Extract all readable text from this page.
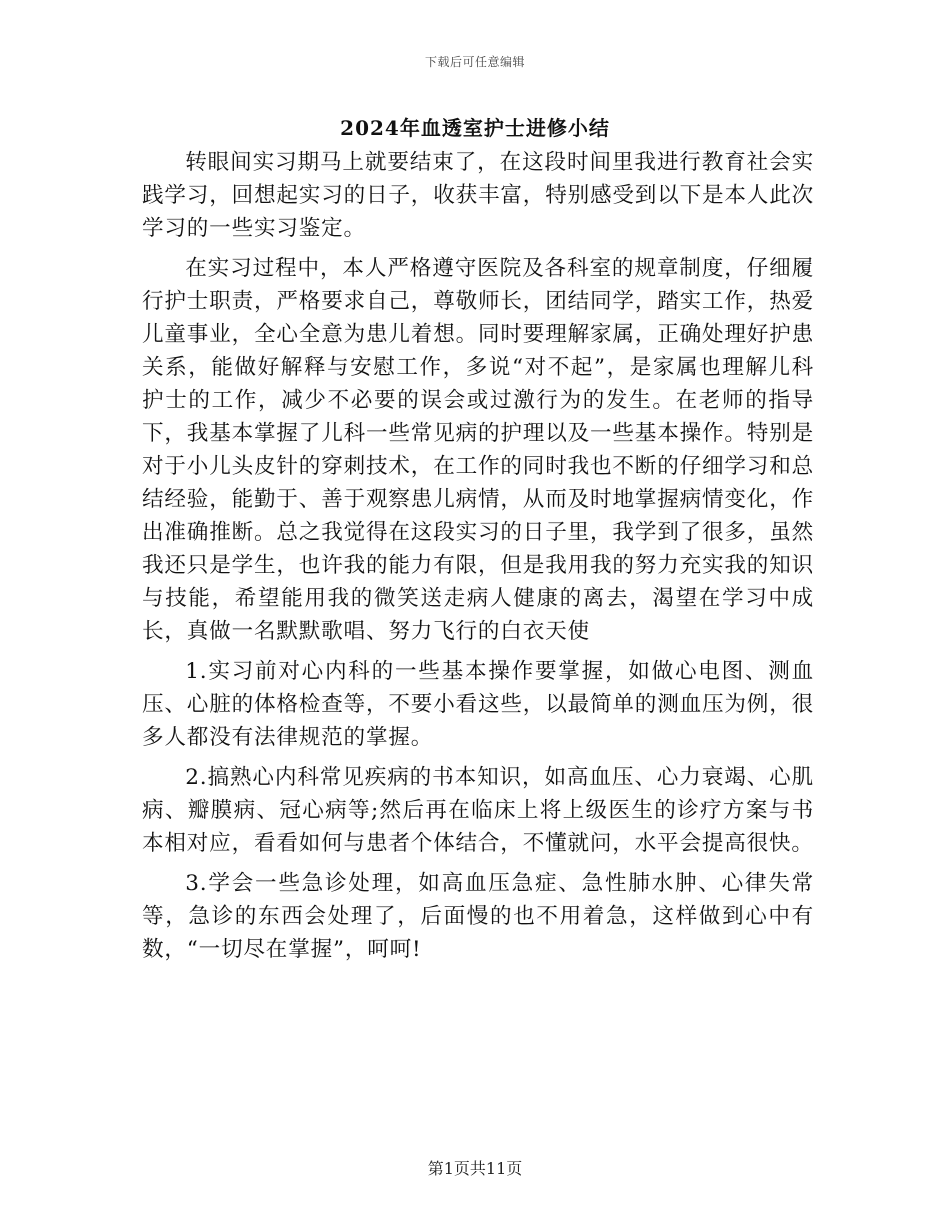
下载后可任意编辑
2024年血透室护士进修小结

转眼间实习期马上就要结束了，在这段时间里我进行教育社会实践学习，回想起实习的日子，收获丰富，特别感受到以下是本人此次学习的一些实习鉴定。

在实习过程中，本人严格遵守医院及各科室的规章制度，仔细履行护士职责，严格要求自己，尊敬师长，团结同学，踏实工作，热爱儿童事业，全心全意为患儿着想。同时要理解家属，正确处理好护患关系，能做好解释与安慰工作，多说“对不起”，是家属也理解儿科护士的工作，减少不必要的误会或过激行为的发生。在老师的指导下，我基本掌握了儿科一些常见病的护理以及一些基本操作。特别是对于小儿头皮针的穿刺技术，在工作的同时我也不断的仔细学习和总结经验，能勤于、善于观察患儿病情，从而及时地掌握病情变化，作出准确推断。总之我觉得在这段实习的日子里，我学到了很多，虽然我还只是学生，也许我的能力有限，但是我用我的努力充实我的知识与技能，希望能用我的微笑送走病人健康的离去，渴望在学习中成长，真做一名默默歌唱、努力飞行的白衣天使

1.实习前对心内科的一些基本操作要掌握，如做心电图、测血压、心脏的体格检查等，不要小看这些，以最简单的测血压为例，很多人都没有法律规范的掌握。

2.搞熟心内科常见疾病的书本知识，如高血压、心力衰竭、心肌病、瓣膜病、冠心病等;然后再在临床上将上级医生的诊疗方案与书本相对应，看看如何与患者个体结合，不懂就问，水平会提高很快。

3.学会一些急诊处理，如高血压急症、急性肺水肿、心律失常等，急诊的东西会处理了，后面慢的也不用着急，这样做到心中有数，“一切尽在掌握”，呵呵!

第1页共11页
